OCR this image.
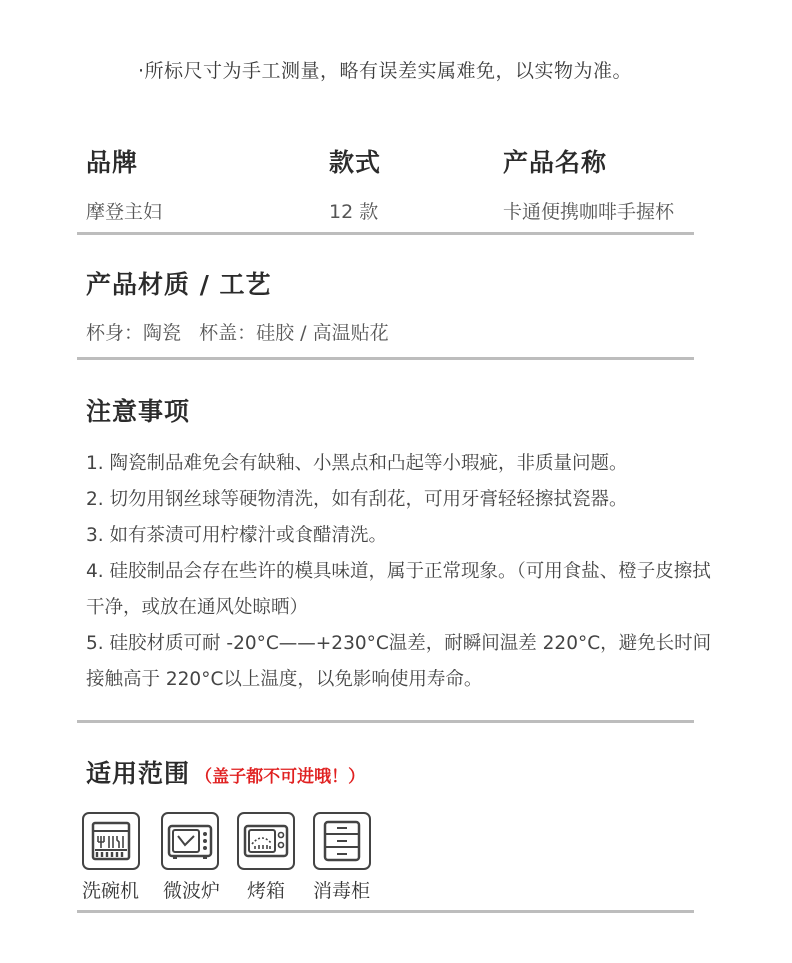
·所标尺寸为手工测量，略有误差实属难免，以实物为准。
品牌	款式	产品名称
摩登主妇	12 款	卡通便携咖啡手握杯
产品材质 / 工艺
杯身：陶瓷   杯盖：硅胶 / 高温贴花
注意事项

1. 陶瓷制品难免会有缺釉、小黑点和凸起等小瑕疵，非质量问题。

2. 切勿用钢丝球等硬物清洗，如有刮花，可用牙膏轻轻擦拭瓷器。

3. 如有茶渍可用柠檬汁或食醋清洗。

4. 硅胶制品会存在些许的模具味道，属于正常现象。（可用食盐、橙子皮擦拭干净，或放在通风处晾晒）

5. 硅胶材质可耐 -20°C——+230°C温差，耐瞬间温差 220°C，避免长时间接触高于 220°C以上温度，以免影响使用寿命。

适用范围 （盖子都不可进哦！）
洗碗机 微波炉 烤箱 消毒柜
